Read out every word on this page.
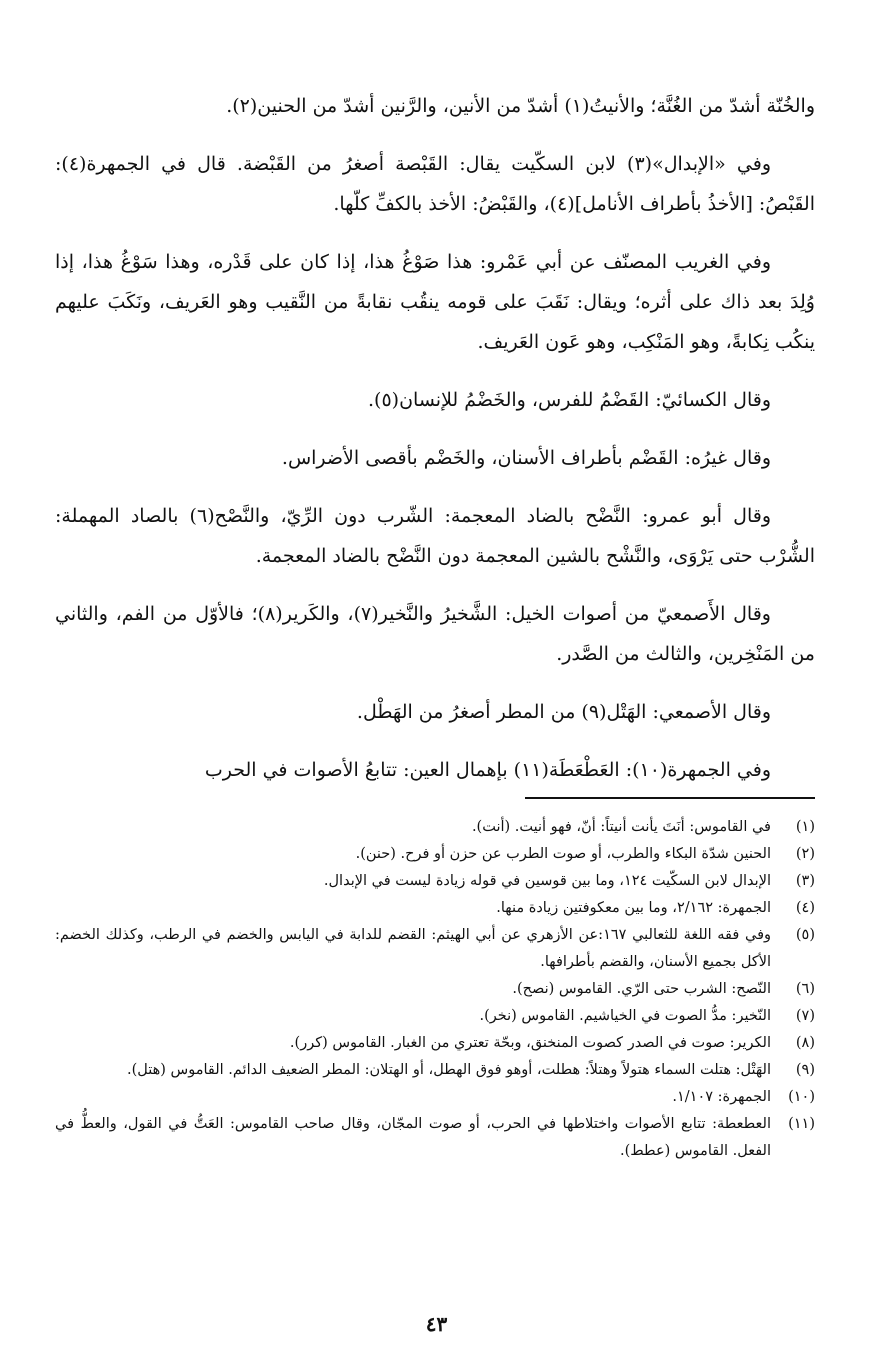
والخُنّة أشدّ من الغُنَّة؛ والأنيتُ(١) أشدّ من الأنين، والرَّنين أشدّ من الحنين(٢).

وفي «الإبدال»(٣) لابن السكّيت يقال: القَبْصة أصغرُ من القَبْضة. قال في الجمهرة(٤): القَبْصُ: [الأخذُ بأطراف الأنامل](٤)، والقَبْضُ: الأخذ بالكفِّ كلّها.

وفي الغريب المصنّف عن أبي عَمْرو: هذا صَوْغُ هذا، إذا كان على قَدْره، وهذا سَوْغُ هذا، إذا وُلِدَ بعد ذاك على أثره؛ ويقال: نَقَبَ على قومه ينقُب نقابةً من النَّقيب وهو العَريف، ونَكَبَ عليهم ينكُب نِكابةً، وهو المَنْكِب، وهو عَون العَريف.

وقال الكسائيّ: القَضْمُ للفرس، والخَضْمُ للإنسان(٥).

وقال غيرُه: القَضْم بأطراف الأسنان، والخَضْم بأقصى الأضراس.

وقال أبو عمرو: النَّضْح بالضاد المعجمة: الشّرب دون الرِّيّ، والنَّصْح(٦) بالصاد المهملة: الشُّرْب حتى يَرْوَى، والنَّشْح بالشين المعجمة دون النَّضْح بالضاد المعجمة.

وقال الأَصمعيّ من أصوات الخيل: الشَّخيرُ والنَّخير(٧)، والكَرير(٨)؛ فالأوّل من الفم، والثاني من المَنْخِرين، والثالث من الصَّدر.

وقال الأصمعي: الهَتْل(٩) من المطر أصغرُ من الهَطْل.

وفي الجمهرة(١٠): العَطْعَطَة(١١) بإهمال العين: تتابعُ الأصوات في الحرب

(١)
في القاموس: أنَتَ يأنت أنيتاً: أنّ، فهو أنيت. (أنت).
(٢)
الحنين شدّة البكاء والطرب، أو صوت الطرب عن حزن أو فرح. (حنن).
(٣)
الإبدال لابن السكّيت ١٢٤، وما بين قوسين في قوله زيادة ليست في الإبدال.
(٤)
الجمهرة: ٢/١٦٢، وما بين معكوفتين زيادة منها.
(٥)
وفي فقه اللغة للثعالبي ١٦٧:عن الأزهري عن أبي الهيثم: القضم للدابة في اليابس والخضم في الرطب، وكذلك الخضم: الأكل بجميع الأسنان، والقضم بأطرافها.
(٦)
النّصح: الشرب حتى الرّي. القاموس (نصح).
(٧)
النّخير: مدُّ الصوت في الخياشيم. القاموس (نخر).
(٨)
الكرير: صوت في الصدر كصوت المنخنق، وبحّة تعتري من الغبار. القاموس (كرر).
(٩)
الهَتْل: هتلت السماء هتولاً وهتلاً: هطلت، أوهو فوق الهطل، أو الهتلان: المطر الضعيف الدائم. القاموس (هتل).
(١٠)
الجمهرة: ١/١٠٧.
(١١)
العطعطة: تتابع الأصوات واختلاطها في الحرب، أو صوت المجّان، وقال صاحب القاموس: العَتُّ في القول، والعطُّ في الفعل. القاموس (عطط).
٤٣
